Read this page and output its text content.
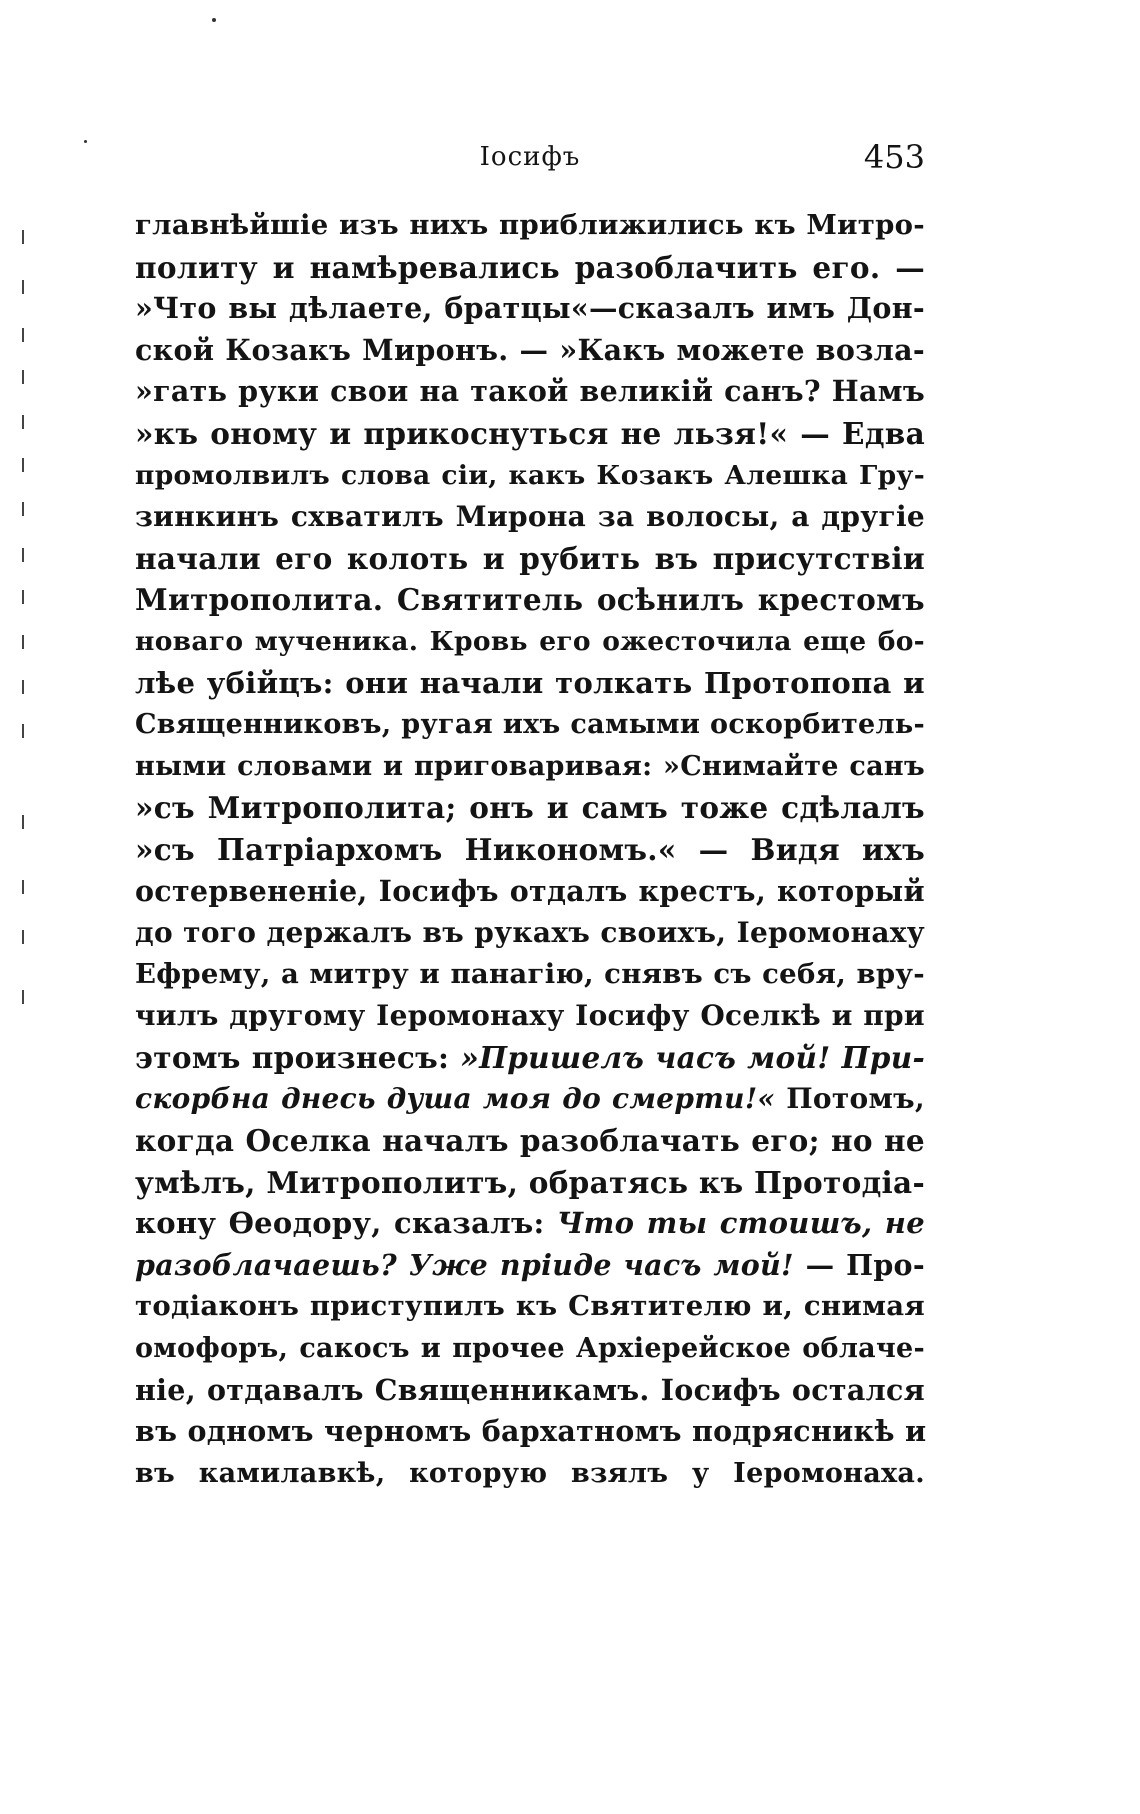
Іосифъ	453
главнѣйшіе изъ нихъ приближились къ Митро-
политу и намѣревались разоблачить его. —
»Что вы дѣлаете, братцы«—сказалъ имъ Дон-
ской Козакъ Миронъ. — »Какъ можете возла-
»гать руки свои на такой великій санъ? Намъ
»къ оному и прикоснуться не льзя!« — Едва
промолвилъ слова сіи, какъ Козакъ Алешка Гру-
зинкинъ схватилъ Мирона за волосы, а другіе
начали его колоть и рубить въ присутствіи
Митрополита. Святитель осѣнилъ крестомъ
новаго мученика. Кровь его ожесточила еще бо-
лѣе убійцъ: они начали толкать Протопопа и
Священниковъ, ругая ихъ самыми оскорбитель-
ными словами и приговаривая: »Снимайте санъ
»съ Митрополита; онъ и самъ тоже сдѣлалъ
»съ Патріархомъ Никономъ.« — Видя ихъ
остервененіе, Іосифъ отдалъ крестъ, который
до того держалъ въ рукахъ своихъ, Іеромонаху
Ефрему, а митру и панагію, снявъ съ себя, вру-
чилъ другому Іеромонаху Іосифу Оселкѣ и при
этомъ произнесъ: »Пришелъ часъ мой! При-
скорбна днесь душа моя до смерти!« Потомъ,
когда Оселка началъ разоблачать его; но не
умѣлъ, Митрополитъ, обратясь къ Протодіа-
кону Ѳеодору, сказалъ: Что ты стоишъ, не
разоблачаешь? Уже пріиде часъ мой! — Про-
тодіаконъ приступилъ къ Святителю и, снимая
омофоръ, сакосъ и прочее Архіерейское облаче-
ніе, отдавалъ Священникамъ. Іосифъ остался
въ одномъ черномъ бархатномъ подрясникѣ и
въ камилавкѣ, которую взялъ у Іеромонаха.
